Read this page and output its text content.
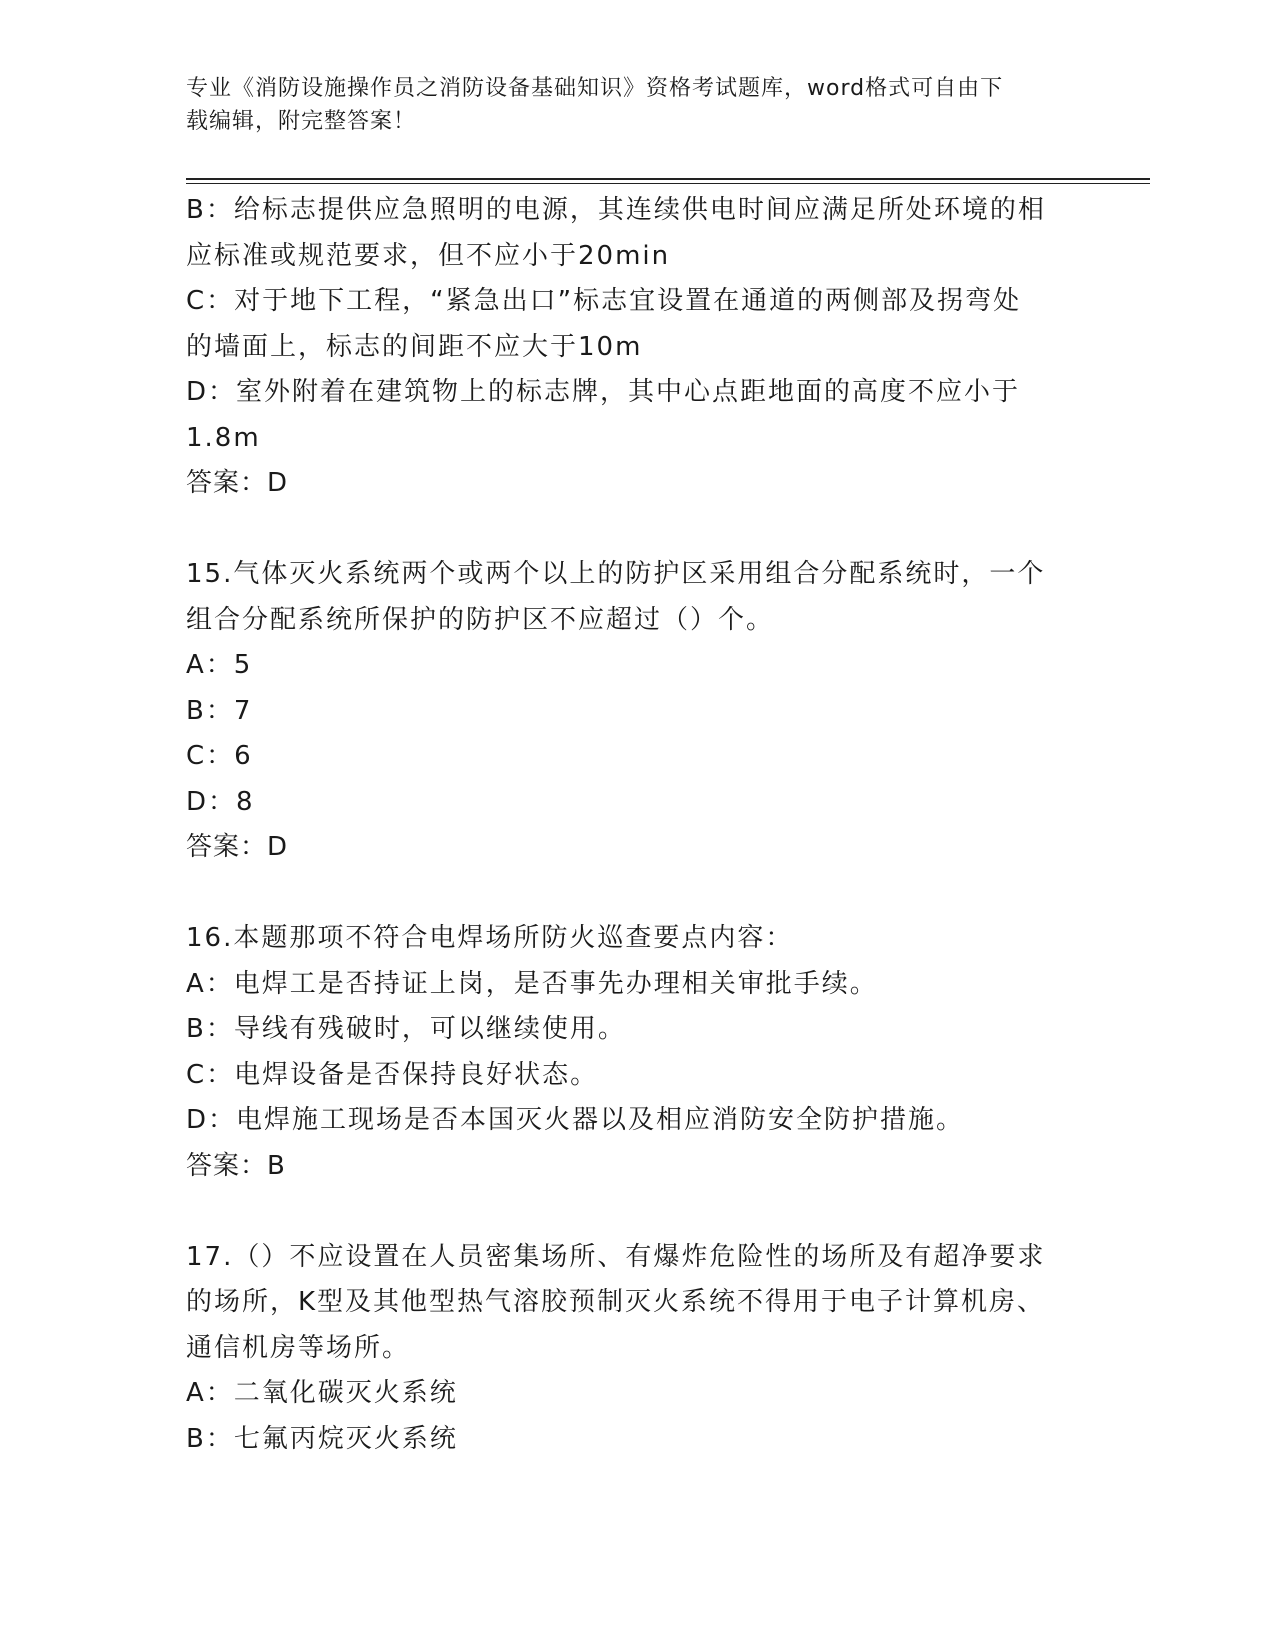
专业《消防设施操作员之消防设备基础知识》资格考试题库，word格式可自由下
载编辑，附完整答案！
B：给标志提供应急照明的电源，其连续供电时间应满足所处环境的相
应标准或规范要求，但不应小于20min
C：对于地下工程，“紧急出口”标志宜设置在通道的两侧部及拐弯处
的墙面上，标志的间距不应大于10m
D：室外附着在建筑物上的标志牌，其中心点距地面的高度不应小于
1.8m
答案：D
15.气体灭火系统两个或两个以上的防护区采用组合分配系统时，一个
组合分配系统所保护的防护区不应超过（）个。
A：5
B：7
C：6
D：8
答案：D
16.本题那项不符合电焊场所防火巡查要点内容：
A：电焊工是否持证上岗，是否事先办理相关审批手续。
B：导线有残破时，可以继续使用。
C：电焊设备是否保持良好状态。
D：电焊施工现场是否本国灭火器以及相应消防安全防护措施。
答案：B
17.（）不应设置在人员密集场所、有爆炸危险性的场所及有超净要求
的场所，K型及其他型热气溶胶预制灭火系统不得用于电子计算机房、
通信机房等场所。
A：二氧化碳灭火系统
B：七氟丙烷灭火系统
